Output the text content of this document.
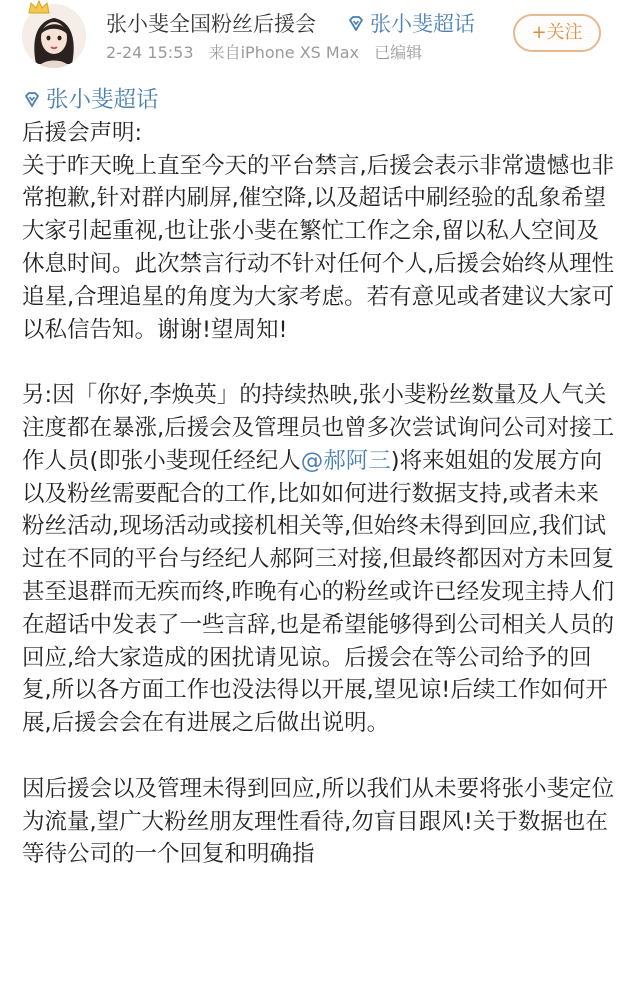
张小斐全国粉丝后援会	张小斐超话
2-24 15:53 来自iPhone XS Max 已编辑
+关注
张小斐超话

后援会声明:

关于昨天晚上直至今天的平台禁言,后援会表示非常遗憾也非常抱歉,针对群内刷屏,催空降,以及超话中刷经验的乱象希望大家引起重视,也让张小斐在繁忙工作之余,留以私人空间及休息时间。此次禁言行动不针对任何个人,后援会始终从理性追星,合理追星的角度为大家考虑。若有意见或者建议大家可以私信告知。谢谢!望周知!

另:因「你好,李焕英」的持续热映,张小斐粉丝数量及人气关注度都在暴涨,后援会及管理员也曾多次尝试询问公司对接工作人员(即张小斐现任经纪人@郝阿三)将来姐姐的发展方向以及粉丝需要配合的工作,比如如何进行数据支持,或者未来粉丝活动,现场活动或接机相关等,但始终未得到回应,我们试过在不同的平台与经纪人郝阿三对接,但最终都因对方未回复甚至退群而无疾而终,昨晚有心的粉丝或许已经发现主持人们在超话中发表了一些言辞,也是希望能够得到公司相关人员的回应,给大家造成的困扰请见谅。后援会在等公司给予的回复,所以各方面工作也没法得以开展,望见谅!后续工作如何开展,后援会会在有进展之后做出说明。

因后援会以及管理未得到回应,所以我们从未要将张小斐定位为流量,望广大粉丝朋友理性看待,勿盲目跟风!关于数据也在等待公司的一个回复和明确指
